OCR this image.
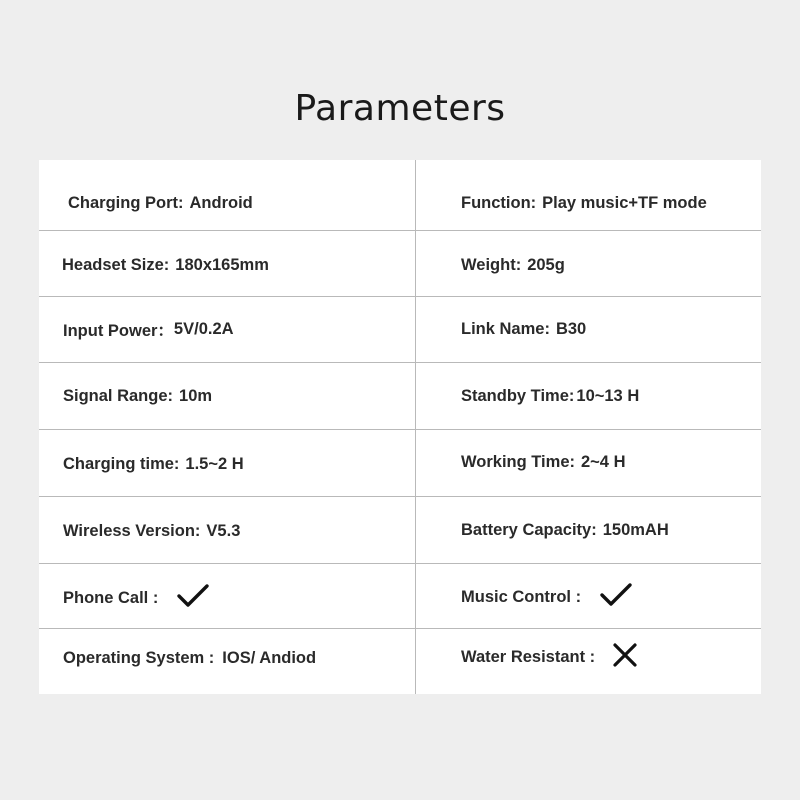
Parameters
Charging Port: Android	Function: Play music+TF mode
Headset Size: 180x165mm	Weight: 205g
Input Power： 5V/0.2A	Link Name: B30
Signal Range: 10m	Standby Time: 10~13 H
Charging time: 1.5~2 H	Working Time: 2~4 H
Wireless Version: V5.3	Battery Capacity: 150mAH
Phone Call :	Music Control :
Operating System : IOS/ Andiod	Water Resistant :
